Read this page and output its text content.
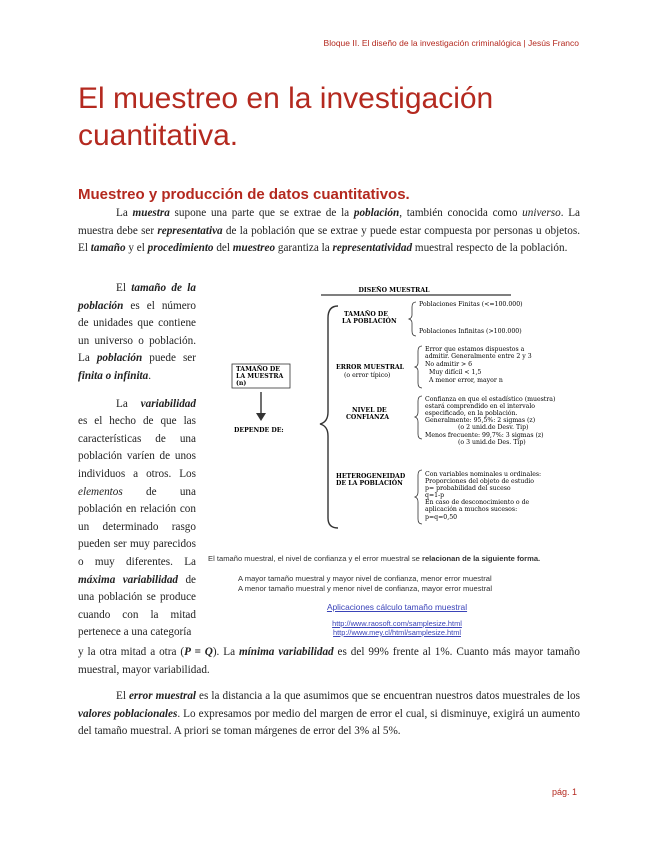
Bloque II. El diseño de la investigación criminalógica | Jesús Franco
El muestreo en la investigación cuantitativa.
Muestreo y producción de datos cuantitativos.

La muestra supone una parte que se extrae de la población, también conocida como universo. La muestra debe ser representativa de la población que se extrae y puede estar compuesta por personas u objetos. El tamaño y el procedimiento del muestreo garantiza la representatividad muestral respecto de la población.

El tamaño de la población es el número de unidades que contiene un universo o población. La población puede ser finita o infinita.

La variabilidad es el hecho de que las características de una población varíen de unos individuos a otros. Los elementos de una población en relación con un determinado rasgo pueden ser muy parecidos o muy diferentes. La máxima variabilidad de una población se produce cuando con la mitad pertenece a una categoría

y la otra mitad a otra (P = Q). La mínima variabilidad es del 99% frente al 1%. Cuanto más mayor tamaño muestral, mayor variabilidad.

DISEÑO MUESTRAL
TAMAÑO DE
LA MUESTRA
(n)
DEPENDE DE:
TAMAÑO DE
LA POBLACIÓN
Poblaciones Finitas (<=100.000)
Poblaciones Infinitas (>100.000)
ERROR MUESTRAL
(o error típico)
Error que estamos dispuestos a
admitir. Generalmente entre 2 y 3
No admitir > 6
Muy difícil < 1,5
A menor error, mayor n
NIVEL DE
CONFIANZA
Confianza en que el estadístico (muestra)
estará comprendido en el intervalo
especificado, en la población.
Generalmente: 95,5%: 2 sigmas (z)
(o 2 unid.de Desv. Tip)
Menos frecuente: 99,7%: 3 sigmas (z)
(o 3 unid.de Des. Tip)
HETEROGENEIDAD
DE LA POBLACIÓN
Con variables nominales u ordinales:
Proporciones del objeto de estudio
p= probabilidad del suceso
q=1-p
En caso de desconocimiento o de
aplicación a muchos sucesos:
p=q=0,50
El tamaño muestral, el nivel de confianza y el error muestral se relacionan de la siguiente forma.
A mayor tamaño muestral y mayor nivel de confianza, menor error muestral
A menor tamaño muestral y menor nivel de confianza, mayor error muestral
Aplicaciones cálculo tamaño muestral
http://www.raosoft.com/samplesize.html
http://www.mey.cl/html/samplesize.html

El error muestral es la distancia a la que asumimos que se encuentran nuestros datos muestrales de los valores poblacionales. Lo expresamos por medio del margen de error el cual, si disminuye, exigirá un aumento del tamaño muestral. A priori se toman márgenes de error del 3% al 5%.

pág. 1
